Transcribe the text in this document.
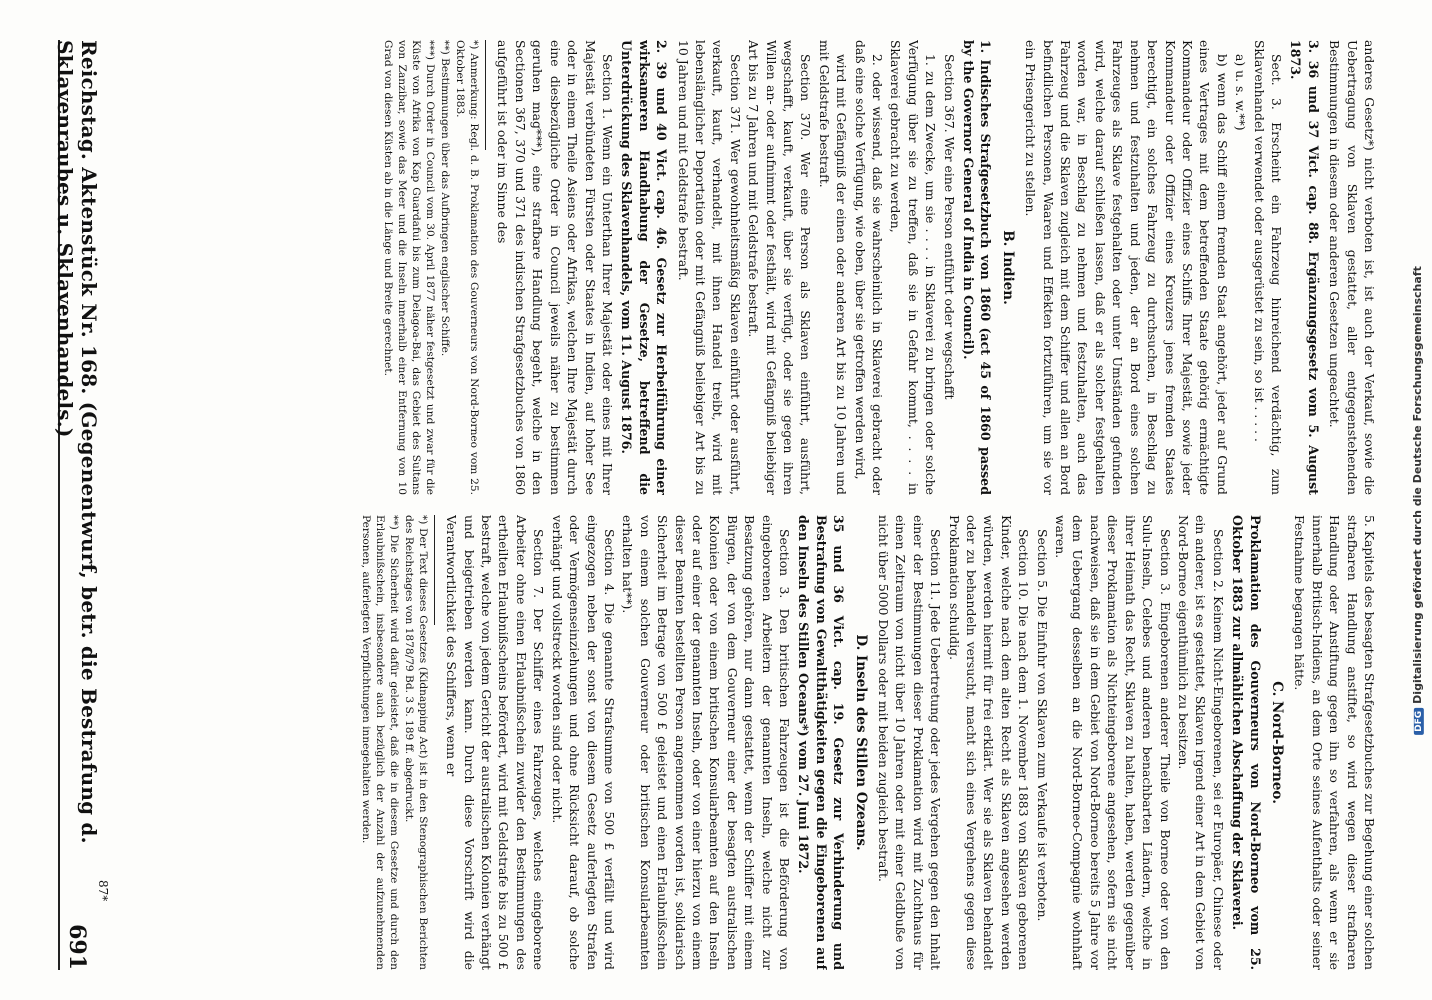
Reichstag. Aktenstück Nr. 168. (Gegenentwurf, betr. die Bestrafung d. Sklavenraubes u. Sklavenhandels.)
691

anderes Gesetz*) nicht verboten ist, ist auch der Verkauf, sowie die Uebertragung von Sklaven gestattet, aller entgegenstehenden Bestimmungen in diesem oder anderen Gesetzen ungeachtet.

3. 36 und 37 Vict. cap. 88. Ergänzungsgesetz vom 5. August 1873.

Sect. 3. Erscheint ein Fahrzeug hinreichend verdächtig, zum Sklavenhandel verwendet oder ausgerüstet zu sein, so ist . . . . .

a) u. s. w.**)

b) wenn das Schiff einem fremden Staat angehört, jeder auf Grund eines Vertrages mit dem betreffenden Staate gehörig ermächtigte Kommandeur oder Offizier eines Schiffs Ihrer Majestät, sowie jeder Kommandeur oder Offizier eines Kreuzers jenes fremden Staates berechtigt, ein solches Fahrzeug zu durchsuchen, in Beschlag zu nehmen und festzuhalten und jeden, der an Bord eines solchen Fahrzeuges als Sklave festgehalten oder unter Umständen gefunden wird, welche darauf schließen lassen, daß er als solcher festgehalten worden war, in Beschlag zu nehmen und festzuhalten, auch das Fahrzeug und die Sklaven zugleich mit dem Schiffer und allen an Bord befindlichen Personen, Waaren und Effekten fortzuführen, um sie vor ein Prisengericht zu stellen.

B. Indien.
1. Indisches Strafgesetzbuch von 1860 (act 45 of 1860 passed by the Governor General of India in Council).

Section 367. Wer eine Person entführt oder wegschafft

1. zu dem Zwecke, um sie . . . . in Sklaverei zu bringen oder solche Verfügung über sie zu treffen, daß sie in Gefahr kommt, . . . . in Sklaverei gebracht zu werden,

2. oder wissend, daß sie wahrscheinlich in Sklaverei gebracht oder daß eine solche Verfügung, wie oben, über sie getroffen werden wird,

wird mit Gefängniß der einen oder anderen Art bis zu 10 Jahren und mit Geldstrafe bestraft.

Section 370. Wer eine Person als Sklaven einführt, ausführt, wegschafft, kauft, verkauft, über sie verfügt, oder sie gegen ihren Willen an- oder aufnimmt oder festhält, wird mit Gefängniß beliebiger Art bis zu 7 Jahren und mit Geldstrafe bestraft.

Section 371. Wer gewohnheitsmäßig Sklaven einführt oder ausführt, verkauft, kauft, verhandelt, mit ihnen Handel treibt, wird mit lebenslänglicher Deportation oder mit Gefängniß beliebiger Art bis zu 10 Jahren und mit Geldstrafe bestraft.

2. 39 und 40 Vict. cap. 46. Gesetz zur Herbeiführung einer wirksameren Handhabung der Gesetze, betreffend die Unterdrückung des Sklavenhandels, vom 11. August 1876.

Section 1. Wenn ein Unterthan Ihrer Majestät oder eines mit Ihrer Majestät verbündeten Fürsten oder Staates in Indien, auf hoher See oder in einem Theile Asiens oder Afrikas, welchen Ihre Majestät durch eine diesbezügliche Order in Council jeweils näher zu bestimmen geruhen mag***), eine strafbare Handlung begeht, welche in den Sectionen 367, 370 und 371 des indischen Strafgesetzbuches von 1860 aufgeführt ist oder im Sinne des

*) Anmerkung: Regl. d. B. Proklamation des Gouverneurs von Nord-Borneo vom 25. Oktober 1883.

**) Bestimmungen über das Aufbringen englischer Schiffe.

***) Durch Order in Council vom 30. April 1877 näher festgesetzt und zwar für die Küste von Afrika von Kap Guardafui bis zum Delagoa-Bai, das Gebiet des Sultans von Zanzibar, sowie das Meer und die Inseln innerhalb einer Entfernung von 10 Grad von diesen Küsten ab in die Länge und Breite gerechnet.

5. Kapitels des besagten Strafgesetzbuches zur Begehung einer solchen strafbaren Handlung anstiftet, so wird wegen dieser strafbaren Handlung oder Anstiftung gegen ihn so verfahren, als wenn er sie innerhalb Britisch-Indiens, an dem Orte seines Aufenthalts oder seiner Festnahme begangen hätte.

C. Nord-Borneo.
Proklamation des Gouverneurs von Nord-Borneo vom 25. Oktober 1883 zur allmählichen Abschaffung der Sklaverei.

Section 2. Keinem Nicht-Eingeborenen, sei er Europäer, Chinese oder ein anderer, ist es gestattet, Sklaven irgend einer Art in dem Gebiet von Nord-Borneo eigenthümlich zu besitzen.

Section 3. Eingeborenen anderer Theile von Borneo oder von den Sulu-Inseln, Celebes und anderen benachbarten Ländern, welche in ihrer Heimath das Recht, Sklaven zu halten, haben, werden gegenüber dieser Proklamation als Nichteingeborene angesehen, sofern sie nicht nachweisen, daß sie in dem Gebiet von Nord-Borneo bereits 5 Jahre vor dem Uebergang desselben an die Nord-Borneo-Compagnie wohnhaft waren.

Section 5. Die Einfuhr von Sklaven zum Verkaufe ist verboten.

Section 10. Die nach dem 1. November 1883 von Sklaven geborenen Kinder, welche nach dem alten Recht als Sklaven angesehen werden würden, werden hiermit für frei erklärt. Wer sie als Sklaven behandelt oder zu behandeln versucht, macht sich eines Vergehens gegen diese Proklamation schuldig.

Section 11. Jede Uebertretung oder jedes Vergehen gegen den Inhalt einer der Bestimmungen dieser Proklamation wird mit Zuchthaus für einen Zeitraum von nicht über 10 Jahren oder mit einer Geldbuße von nicht über 5000 Dollars oder mit beiden zugleich bestraft.

D. Inseln des Stillen Ozeans.
35 und 36 Vict. cap. 19. Gesetz zur Verhinderung und Bestrafung von Gewaltthätigkeiten gegen die Eingeborenen auf den Inseln des Stillen Oceans*) vom 27. Juni 1872.

Section 3. Den britischen Fahrzeugen ist die Beförderung von eingeborenen Arbeitern der genannten Inseln, welche nicht zur Besatzung gehören, nur dann gestattet, wenn der Schiffer mit einem Bürgen, der von dem Gouverneur einer der besagten australischen Kolonien oder von einem britischen Konsularbeamten auf den Inseln oder auf einer der genannten Inseln, oder von einer hierzu von einem dieser Beamten bestellten Person angenommen worden ist, solidarisch Sicherheit im Betrage von 500 £ geleistet und einen Erlaubnißschein von einem solchen Gouverneur oder britischen Konsularbeamten erhalten hat**).

Section 4. Die genannte Strafsumme von 500 £ verfällt und wird eingezogen neben der sonst von diesem Gesetz auferlegten Strafen oder Vermögenseinziehungen und ohne Rücksicht darauf, ob solche verhängt und vollstreckt worden sind oder nicht.

Section 7. Der Schiffer eines Fahrzeuges, welches eingeborene Arbeiter ohne einen Erlaubnißschein zuwider den Bestimmungen des ertheilten Erlaubnißscheins befördert, wird mit Geldstrafe bis zu 500 £ bestraft, welche von jedem Gericht der australischen Kolonien verhängt und beigetrieben werden kann. Durch diese Vorschrift wird die Verantwortlichkeit des Schiffers, wenn er

*) Der Text dieses Gesetzes (Kidnapping Act) ist in den Stenographischen Berichten des Reichstages von 1878/79 Bd. 3 S. 189 ff. abgedruckt.

**) Die Sicherheit wird dafür geleistet, daß die in diesem Gesetze und durch den Erlaubnißschein, insbesondere auch bezüglich der Anzahl der aufzunehmenden Personen, auferlegten Verpflichtungen innegehalten werden.

87*
DFGDigitalisierung gefördert durch die Deutsche Forschungsgemeinschaft
